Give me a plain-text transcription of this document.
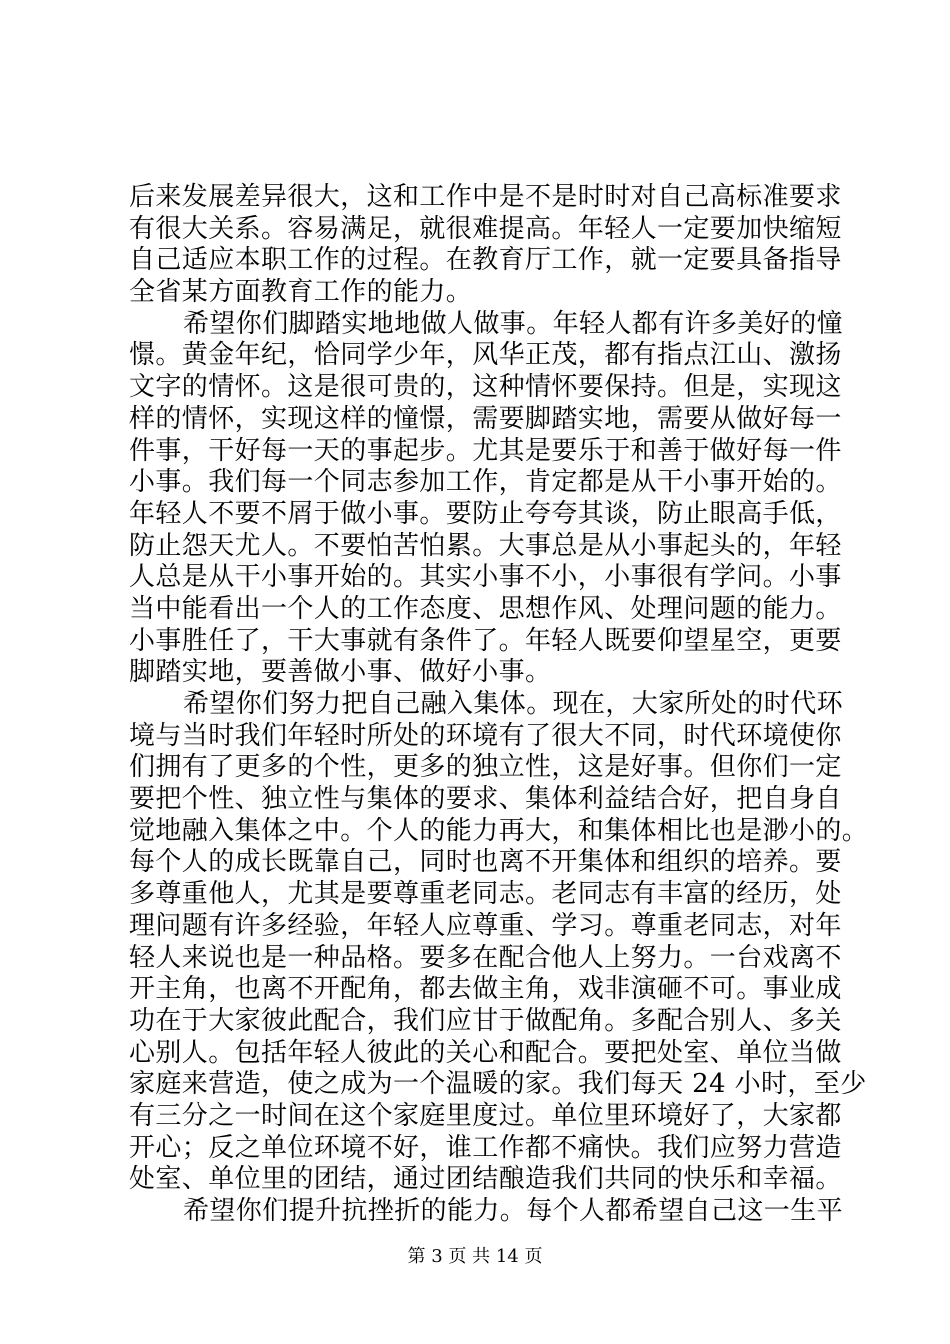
后来发展差异很大，这和工作中是不是时时对自己高标准要求
有很大关系。容易满足，就很难提高。年轻人一定要加快缩短
自己适应本职工作的过程。在教育厅工作，就一定要具备指导
全省某方面教育工作的能力。
希望你们脚踏实地地做人做事。年轻人都有许多美好的憧
憬。黄金年纪，恰同学少年，风华正茂，都有指点江山、激扬
文字的情怀。这是很可贵的，这种情怀要保持。但是，实现这
样的情怀，实现这样的憧憬，需要脚踏实地，需要从做好每一
件事，干好每一天的事起步。尤其是要乐于和善于做好每一件
小事。我们每一个同志参加工作，肯定都是从干小事开始的。
年轻人不要不屑于做小事。要防止夸夸其谈，防止眼高手低，
防止怨天尤人。不要怕苦怕累。大事总是从小事起头的，年轻
人总是从干小事开始的。其实小事不小，小事很有学问。小事
当中能看出一个人的工作态度、思想作风、处理问题的能力。
小事胜任了，干大事就有条件了。年轻人既要仰望星空，更要
脚踏实地，要善做小事、做好小事。
希望你们努力把自己融入集体。现在，大家所处的时代环
境与当时我们年轻时所处的环境有了很大不同，时代环境使你
们拥有了更多的个性，更多的独立性，这是好事。但你们一定
要把个性、独立性与集体的要求、集体利益结合好，把自身自
觉地融入集体之中。个人的能力再大，和集体相比也是渺小的。
每个人的成长既靠自己，同时也离不开集体和组织的培养。要
多尊重他人，尤其是要尊重老同志。老同志有丰富的经历，处
理问题有许多经验，年轻人应尊重、学习。尊重老同志，对年
轻人来说也是一种品格。要多在配合他人上努力。一台戏离不
开主角，也离不开配角，都去做主角，戏非演砸不可。事业成
功在于大家彼此配合，我们应甘于做配角。多配合别人、多关
心别人。包括年轻人彼此的关心和配合。要把处室、单位当做
家庭来营造，使之成为一个温暖的家。我们每天 24 小时，至少
有三分之一时间在这个家庭里度过。单位里环境好了，大家都
开心；反之单位环境不好，谁工作都不痛快。我们应努力营造
处室、单位里的团结，通过团结酿造我们共同的快乐和幸福。
希望你们提升抗挫折的能力。每个人都希望自己这一生平
第 3 页 共 14 页
